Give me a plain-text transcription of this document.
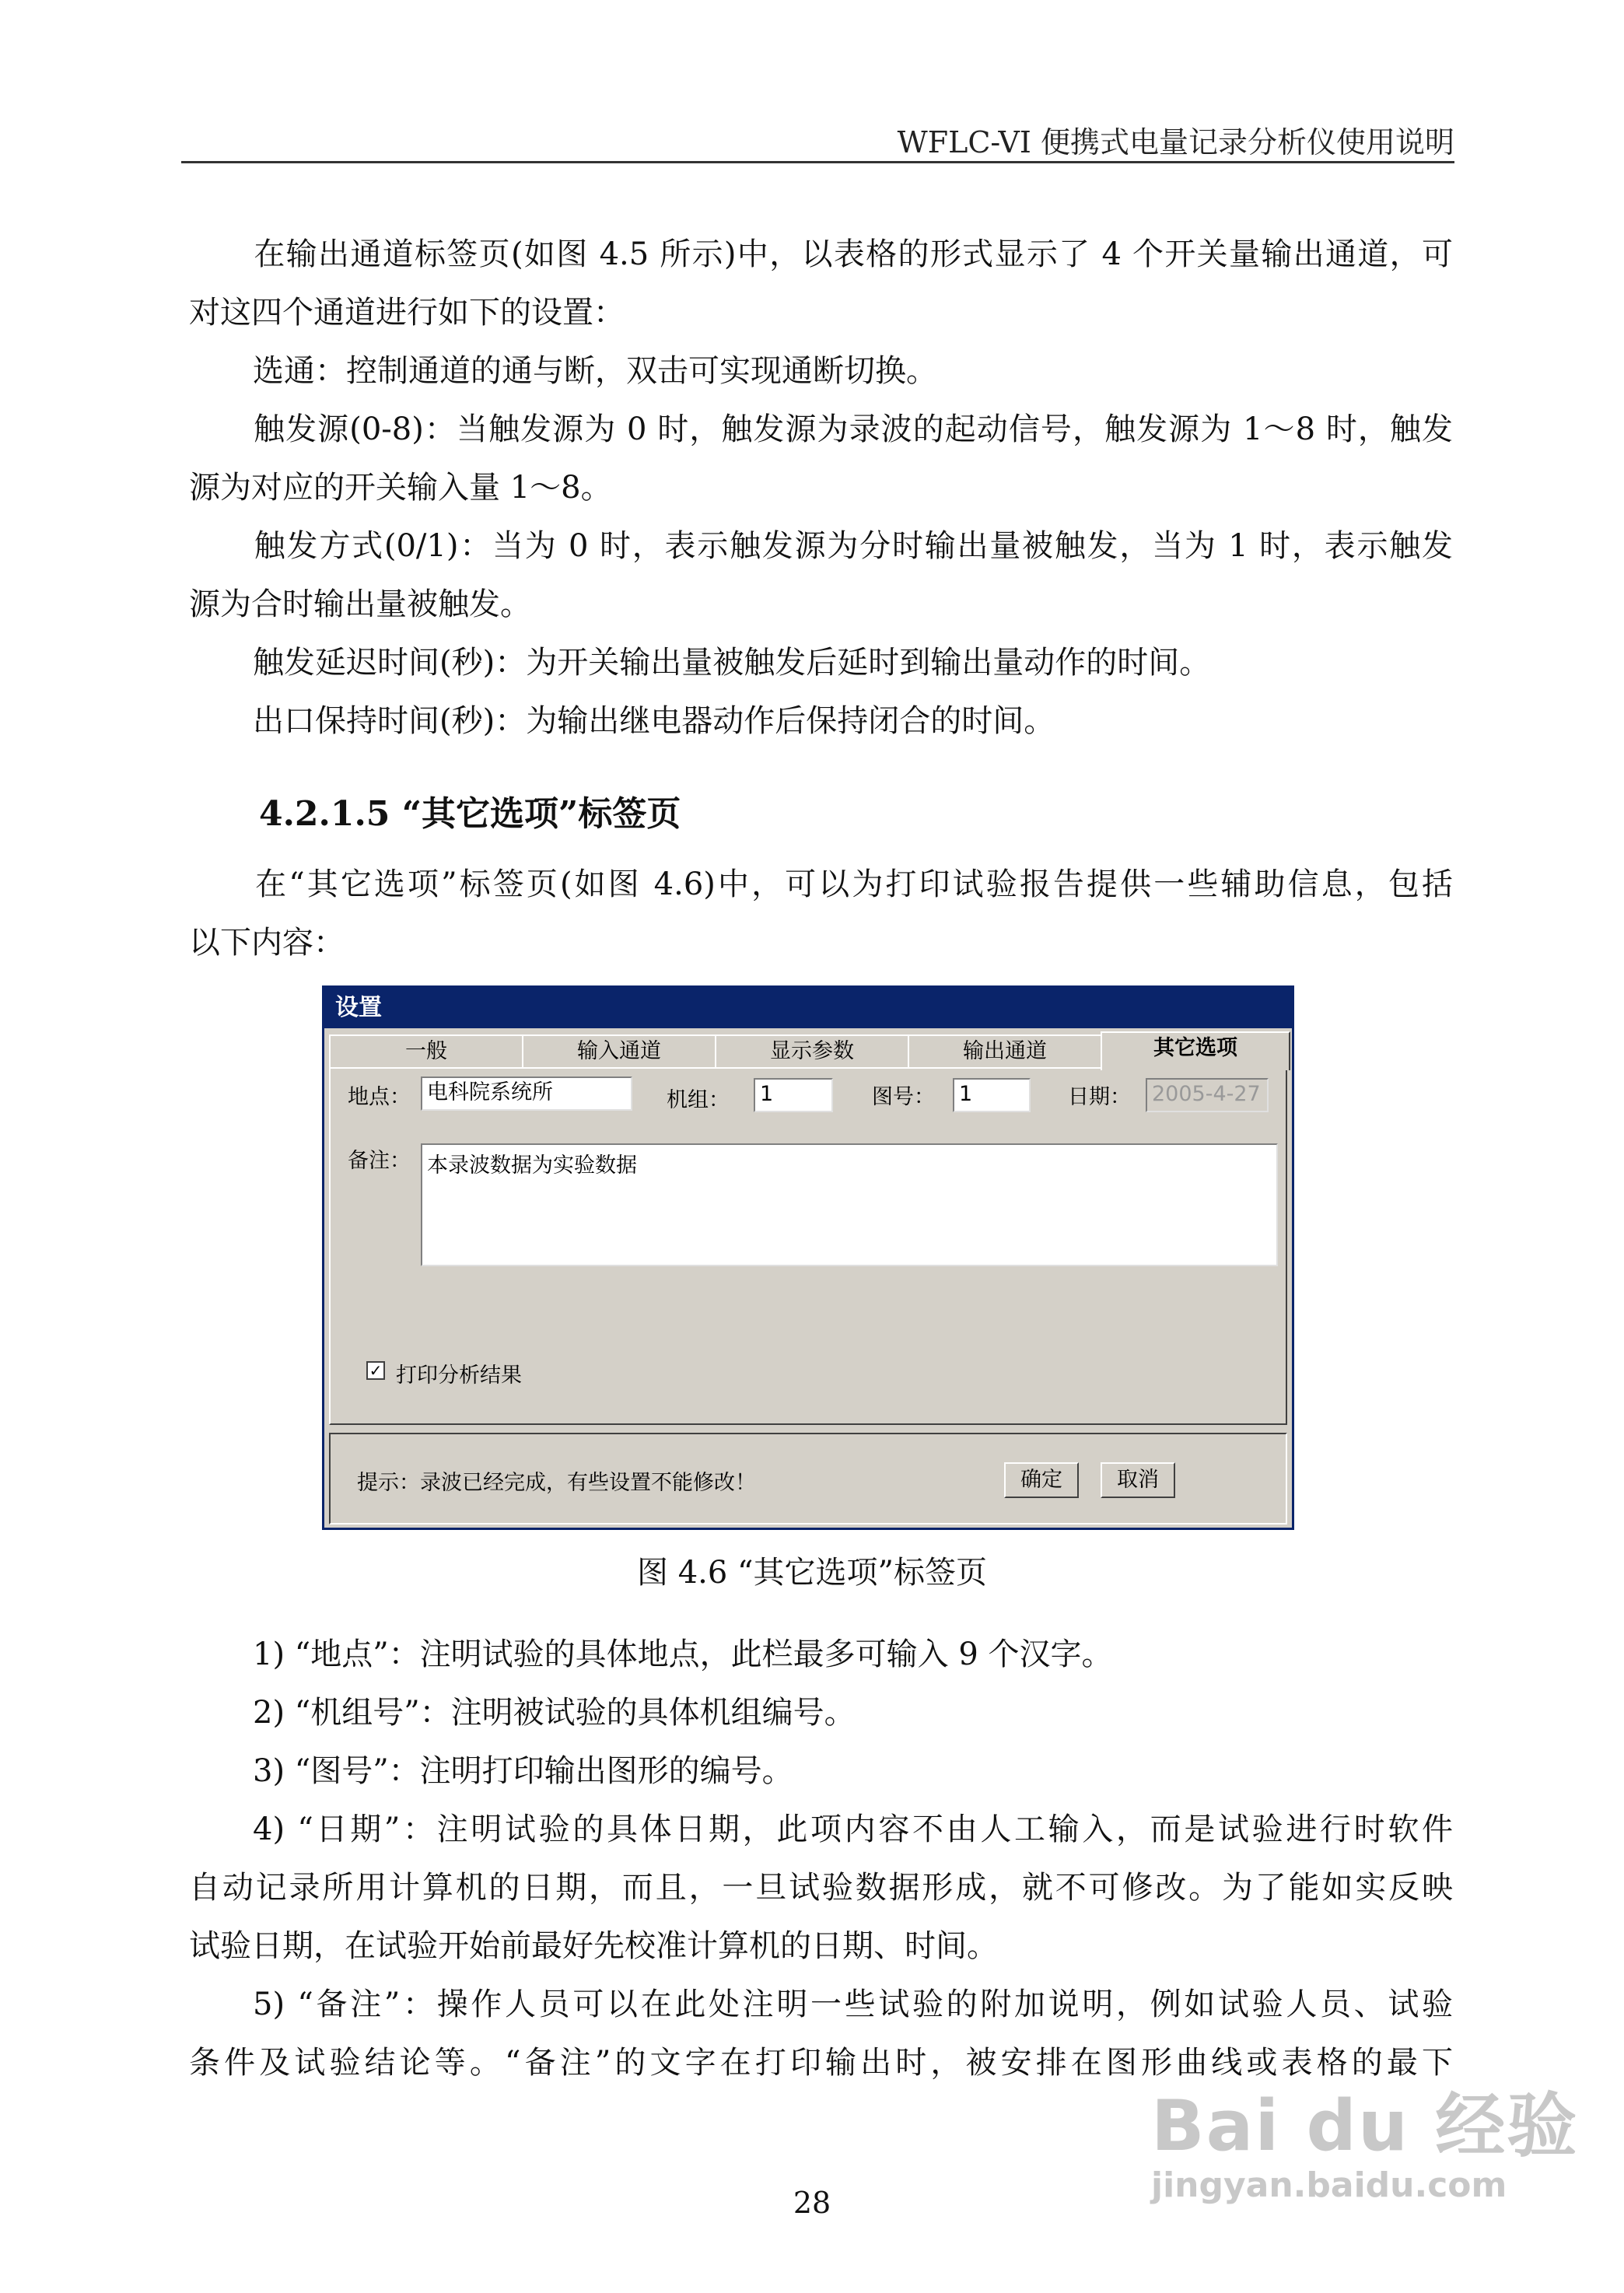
WFLC-VI 便携式电量记录分析仪使用说明

在输出通道标签页(如图 4.5 所示)中，以表格的形式显示了 4 个开关量输出通道，可

对这四个通道进行如下的设置：

选通：控制通道的通与断，双击可实现通断切换。

触发源(0-8)：当触发源为 0 时，触发源为录波的起动信号，触发源为 1～8 时，触发

源为对应的开关输入量 1～8。

触发方式(0/1)：当为 0 时，表示触发源为分时输出量被触发，当为 1 时，表示触发

源为合时输出量被触发。

触发延迟时间(秒)：为开关输出量被触发后延时到输出量动作的时间。

出口保持时间(秒)：为输出继电器动作后保持闭合的时间。

4.2.1.5 “其它选项”标签页

在“其它选项”标签页(如图 4.6)中，可以为打印试验报告提供一些辅助信息，包括

以下内容：

设置
一般	输入通道	显示参数	输出通道	其它选项
地点： 电科院系统所	机组： 1	图号： 1	日期： 2005-4-27
备注： 本录波数据为实验数据
✓ 打印分析结果
提示：录波已经完成，有些设置不能修改！	确定	取消
图 4.6 “其它选项”标签页

1) “地点”：注明试验的具体地点，此栏最多可输入 9 个汉字。

2) “机组号”：注明被试验的具体机组编号。

3) “图号”：注明打印输出图形的编号。

4) “日期”：注明试验的具体日期，此项内容不由人工输入，而是试验进行时软件

自动记录所用计算机的日期，而且，一旦试验数据形成，就不可修改。为了能如实反映

试验日期，在试验开始前最好先校准计算机的日期、时间。

5) “备注”：操作人员可以在此处注明一些试验的附加说明，例如试验人员、试验

条件及试验结论等。“备注”的文字在打印输出时，被安排在图形曲线或表格的最下

28
Bai du 经验
jingyan.baidu.com
